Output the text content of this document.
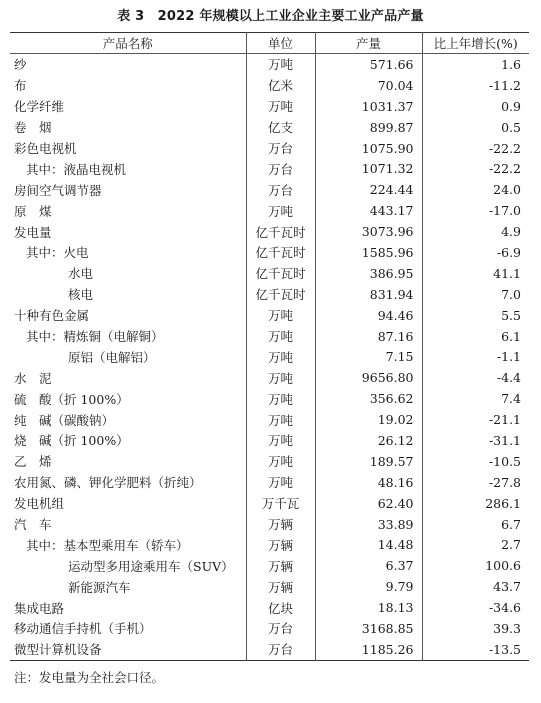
表 3　2022 年规模以上工业企业主要工业产品产量
产品名称	单位	产量	比上年增长(%)
纱	万吨	571.66	1.6
布	亿米	70.04	-11.2
化学纤维	万吨	1031.37	0.9
卷　烟	亿支	899.87	0.5
彩色电视机	万台	1075.90	-22.2
其中：液晶电视机	万台	1071.32	-22.2
房间空气调节器	万台	224.44	24.0
原　煤	万吨	443.17	-17.0
发电量	亿千瓦时	3073.96	4.9
其中：火电	亿千瓦时	1585.96	-6.9
水电	亿千瓦时	386.95	41.1
核电	亿千瓦时	831.94	7.0
十种有色金属	万吨	94.46	5.5
其中：精炼铜（电解铜）	万吨	87.16	6.1
原铝（电解铝）	万吨	7.15	-1.1
水　泥	万吨	9656.80	-4.4
硫　酸（折 100%）	万吨	356.62	7.4
纯　碱（碳酸钠）	万吨	19.02	-21.1
烧　碱（折 100%）	万吨	26.12	-31.1
乙　烯	万吨	189.57	-10.5
农用氮、磷、钾化学肥料（折纯）	万吨	48.16	-27.8
发电机组	万千瓦	62.40	286.1
汽　车	万辆	33.89	6.7
其中：基本型乘用车（轿车）	万辆	14.48	2.7
运动型多用途乘用车（SUV）	万辆	6.37	100.6
新能源汽车	万辆	9.79	43.7
集成电路	亿块	18.13	-34.6
移动通信手持机（手机）	万台	3168.85	39.3
微型计算机设备	万台	1185.26	-13.5
注：发电量为全社会口径。
